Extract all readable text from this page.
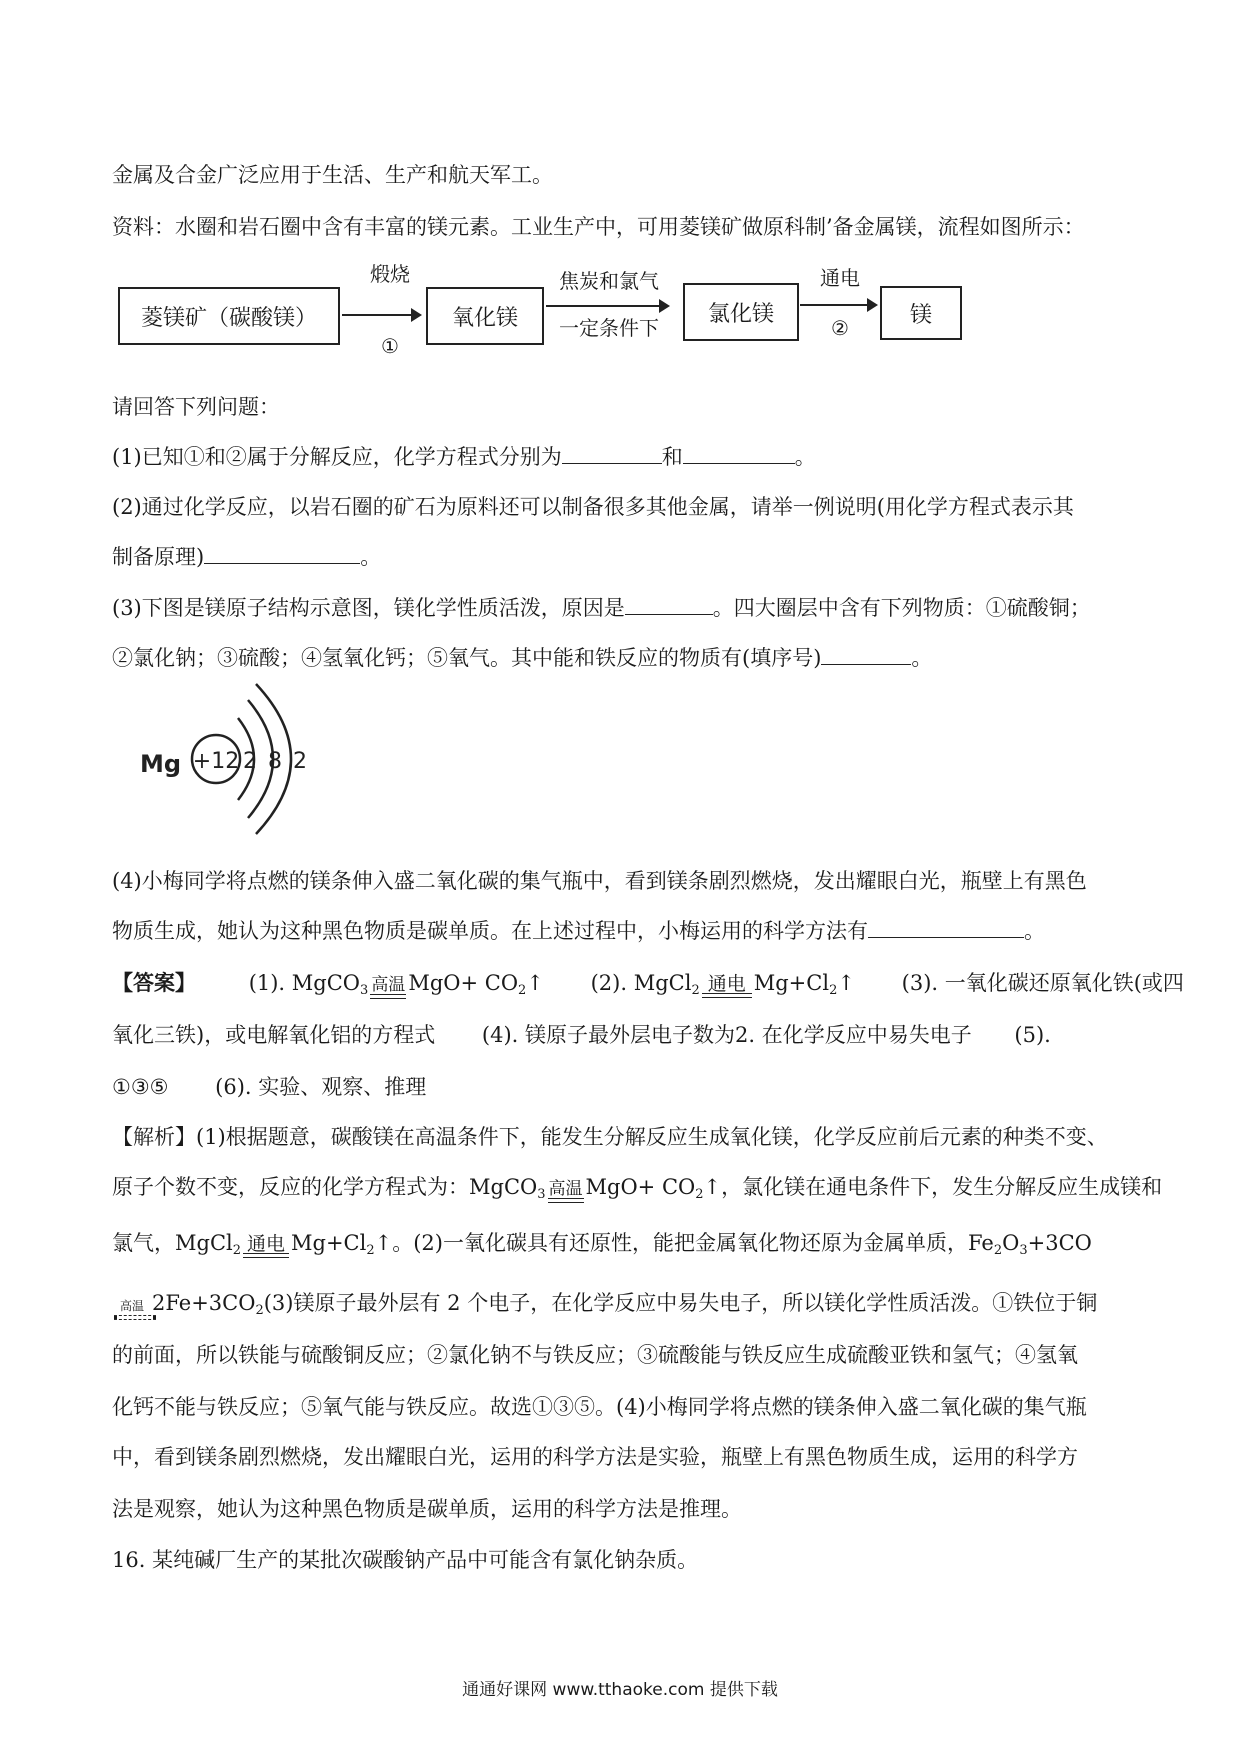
金属及合金广泛应用于生活、生产和航天军工。
资料：水圈和岩石圈中含有丰富的镁元素。工业生产中，可用菱镁矿做原科制’备金属镁，流程如图所示：
菱镁矿（碳酸镁）
煅烧
①
氧化镁
焦炭和氯气
一定条件下
氯化镁
通电
②
镁
请回答下列问题：
(1)已知①和②属于分解反应，化学方程式分别为	和	。
(2)通过化学反应，以岩石圈的矿石为原料还可以制备很多其他金属，请举一例说明(用化学方程式表示其
制备原理)	。
(3)下图是镁原子结构示意图，镁化学性质活泼，原因是	。四大圈层中含有下列物质：①硫酸铜；
②氯化钠；③硫酸；④氢氧化钙；⑤氧气。其中能和铁反应的物质有(填序号)	。
Mg +12 2 8 2
(4)小梅同学将点燃的镁条伸入盛二氧化碳的集气瓶中，看到镁条剧烈燃烧，发出耀眼白光，瓶壁上有黑色
物质生成，她认为这种黑色物质是碳单质。在上述过程中，小梅运用的科学方法有	。
【答案】	(1). MgCO$_3$ 高温 $MgO+ CO_2↑$ (2). MgCl$_2$ 通电 $Mg+Cl_2↑$ (3). 一氧化碳还原氧化铁(或四
氧化三铁)，或电解氧化铝的方程式 (4). 镁原子最外层电子数为2. 在化学反应中易失电子 (5).
①③⑤ (6). 实验、观察、推理
【解析】(1)根据题意，碳酸镁在高温条件下，能发生分解反应生成氧化镁，化学反应前后元素的种类不变、
原子个数不变，反应的化学方程式为：MgCO$_3$ 高温 $MgO+ CO_2↑$，氯化镁在通电条件下，发生分解反应生成镁和
氯气，MgCl$_2$ 通电 $Mg+Cl_2↑$。(2)一氧化碳具有还原性，能把金属氧化物还原为金属单质，$Fe_2O_3+3CO$
高温 $2Fe+3CO_2(3)$镁原子最外层有 2 个电子，在化学反应中易失电子，所以镁化学性质活泼。①铁位于铜
的前面，所以铁能与硫酸铜反应；②氯化钠不与铁反应；③硫酸能与铁反应生成硫酸亚铁和氢气；④氢氧
化钙不能与铁反应；⑤氧气能与铁反应。故选①③⑤。(4)小梅同学将点燃的镁条伸入盛二氧化碳的集气瓶
中，看到镁条剧烈燃烧，发出耀眼白光，运用的科学方法是实验，瓶壁上有黑色物质生成，运用的科学方
法是观察，她认为这种黑色物质是碳单质，运用的科学方法是推理。
16. 某纯碱厂生产的某批次碳酸钠产品中可能含有氯化钠杂质。
通通好课网 www.tthaoke.com 提供下载
